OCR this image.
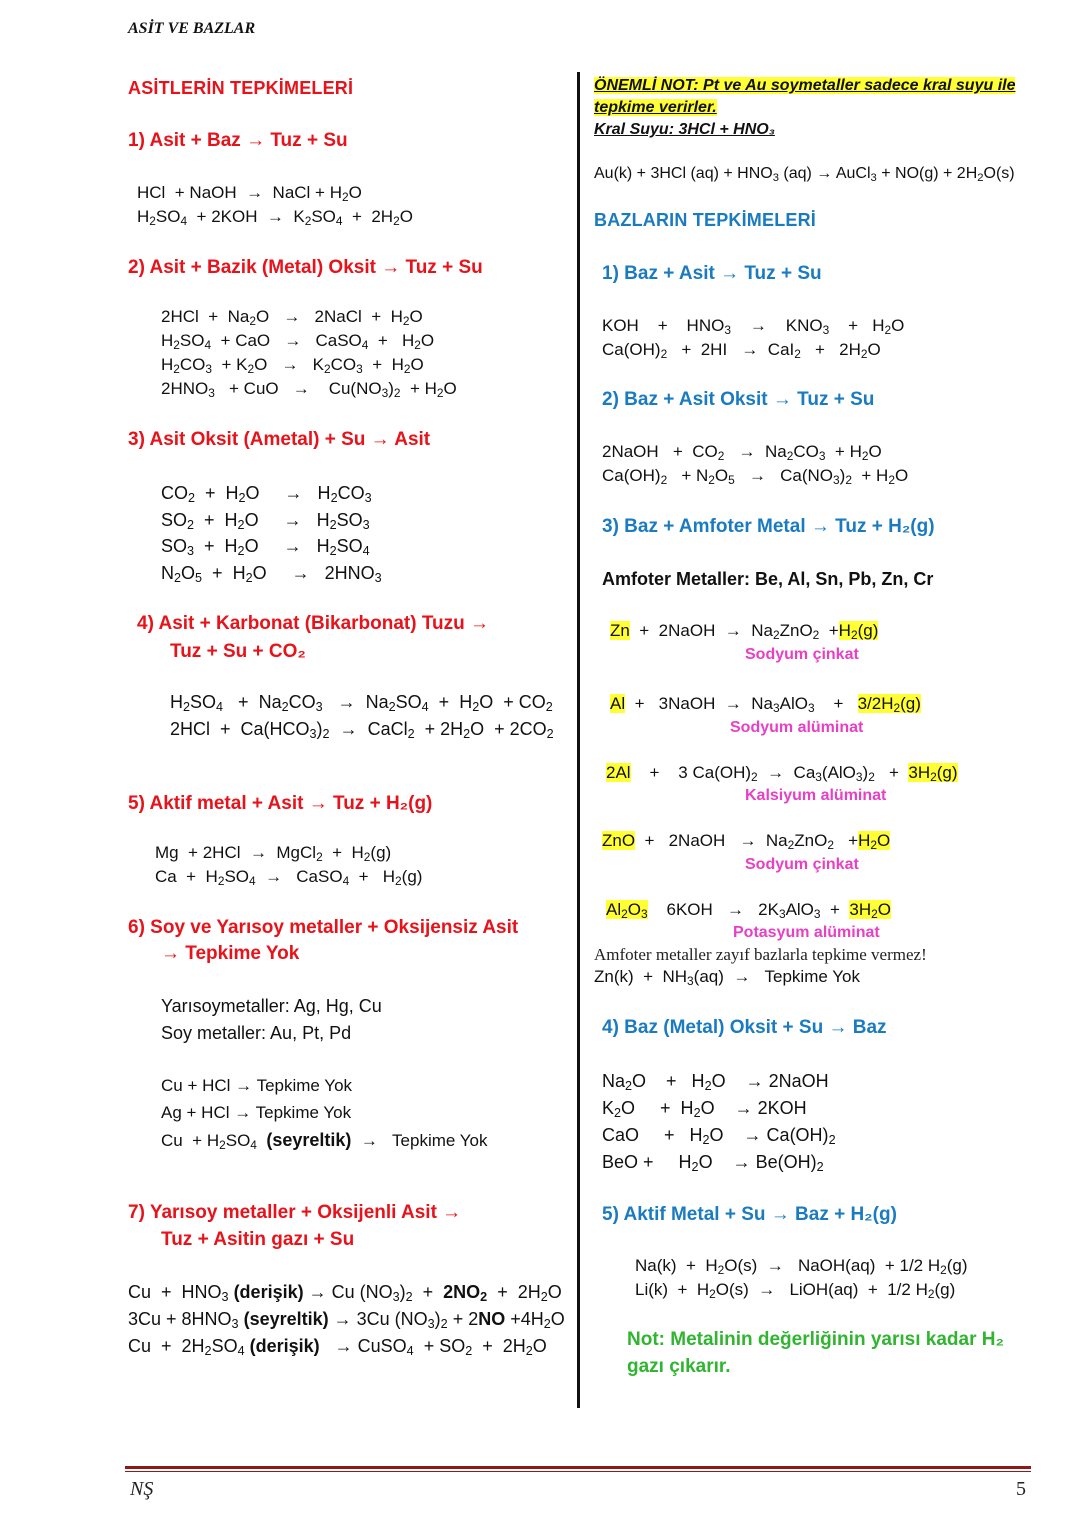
ASİT VE BAZLAR
ASİTLERİN TEPKİMELERİ
1) Asit + Baz → Tuz + Su
HCl  + NaOH  →  NaCl + $H_2O$
$H_2SO_4 + 2KOH \to K_2SO_4 + 2H_2O$
2) Asit + Bazik (Metal) Oksit → Tuz + Su
$2HCl + Na_2O$   →   2NaCl  +  $H_2O$
$H_2SO_4$  + CaO   →   CaSO$_4$  +   $H_2O$
$H_2CO_3 + K_2O \to K_2CO_3 + H_2O$
$2HNO_3$   + CuO   →    $Cu(NO_3)_2 + H_2O$
3) Asit Oksit (Ametal) + Su → Asit
$CO_2 + H_2O$     →   $H_2CO_3$
$SO_2 + H_2O$     →   $H_2SO_3$
$SO_3 + H_2O$     →   $H_2SO_4$
$N_2O_5 + H_2O$     →   $2HNO_3$
4) Asit + Karbonat (Bikarbonat) Tuzu →
Tuz + Su + CO₂
$H_2SO_4 + Na_2CO_3 \to Na_2SO_4 + H_2O + CO_2$
$2HCl + Ca(HCO_3)_2$  →  CaCl$_2$  + $2H_2O + 2CO_2$
5) Aktif metal + Asit → Tuz + H₂(g)
Mg  + 2HCl  →  MgCl$_2$  +  $H_2(g)$
$Ca + H_2SO_4$  →   CaSO$_4$  +   $H_2(g)$
6) Soy ve Yarısoy metaller + Oksijensiz Asit
→ Tepkime Yok
Yarısoymetaller: Ag, Hg, Cu
Soy metaller: Au, Pt, Pd
Cu + HCl → Tepkime Yok
Ag + HCl → Tepkime Yok
$Cu + H_2SO_4$ (seyreltik)  →   Tepkime Yok
7) Yarısoy metaller + Oksijenli Asit →
Tuz + Asitin gazı + Su
$Cu + HNO_3$ (derişik) → Cu $(NO_3)_2 + 2NO_2 + 2H_2O$
$3Cu + 8HNO_3$ (seyreltik) → 3Cu $(NO_3)_2 + 2NO +4H_2O$
$Cu + 2H_2SO_4$ (derişik)   → CuSO$_4$  + $SO_2 + 2H_2O$
ÖNEMLİ NOT: Pt ve Au soymetaller sadece kral suyu ile
tepkime verirler.
Kral Suyu: 3HCl + HNO₃
Au(k) + 3HCl $(aq) + HNO_3$ (aq) → AuCl$_3$ + $NO(g) + 2H_2O(s)$
BAZLARIN TEPKİMELERİ
1) Baz + Asit → Tuz + Su
KOH    +    $HNO_3$    →    $KNO_3$    +   $H_2O$
$Ca(OH)_2 + 2HI \to CaI_2 + 2H_2O$
2) Baz + Asit Oksit → Tuz + Su
2NaOH   +  $CO_2 \to Na_2CO_3 + H_2O$
$Ca(OH)_2 + N_2O_5 \to Ca(NO_3)_2 + H_2O$
3) Baz + Amfoter Metal → Tuz + H₂(g)
Amfoter Metaller: Be, Al, Sn, Pb, Zn, Cr
Zn  +  2NaOH  →  $Na_2ZnO_2 +H_2(g)$
Sodyum çinkat
Al  +   3NaOH  →  $Na_3AlO_3$    +   $3/2H_2(g)$
Sodyum alüminat
2Al    +    3 $Ca(OH)_2 \to Ca_3(AlO_3)_2 + 3H_2(g)$
Kalsiyum alüminat
ZnO  +   2NaOH   →  $Na_2ZnO_2 +H_2O$
Sodyum çinkat
$Al_2O_3$    $6KOH \to 2K_3AlO_3 + 3H_2O$
Potasyum alüminat
Amfoter metaller zayıf bazlarla tepkime vermez!
$Zn(k) + NH_3(aq)$  →   Tepkime Yok
4) Baz (Metal) Oksit + Su → Baz
$Na_2O$    +   $H_2O$    → 2NaOH
$K_2O$     +  $H_2O$    → 2KOH
CaO     +   $H_2O$    → $Ca(OH)_2$
BeO +     $H_2O$    → $Be(OH)_2$
5) Aktif Metal + Su → Baz + H₂(g)
$Na(k) + H_2O(s)$  →   NaOH(aq)  + 1/2 $H_2(g)$
$Li(k) + H_2O(s)$  →   LiOH(aq)  +  1/2 $H_2(g)$
Not: Metalinin değerliğinin yarısı kadar H₂
gazı çıkarır.
NŞ	5
